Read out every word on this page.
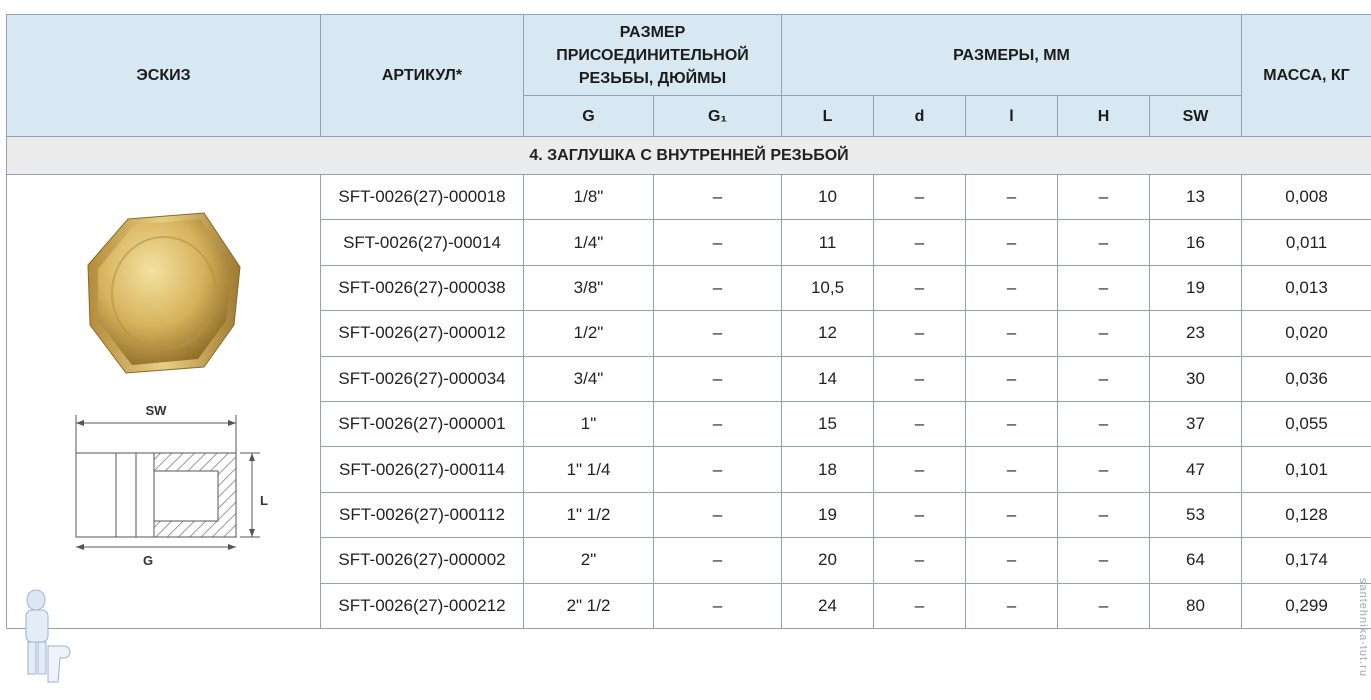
ЭСКИЗ	АРТИКУЛ*	РАЗМЕР ПРИСОЕДИНИТЕЛЬНОЙ РЕЗЬБЫ, ДЮЙМЫ		РАЗМЕРЫ, ММ					МАССА, КГ
		G	G₁	L	d	l	H	SW	
4. ЗАГЛУШКА С ВНУТРЕННЕЙ РЕЗЬБОЙ									

SW
L
G	SFT-0026(27)-000018	1/8"	–	10	–	–	–	13	0,008
	SFT-0026(27)-00014	1/4"	–	11	–	–	–	16	0,011
	SFT-0026(27)-000038	3/8"	–	10,5	–	–	–	19	0,013
	SFT-0026(27)-000012	1/2"	–	12	–	–	–	23	0,020
	SFT-0026(27)-000034	3/4"	–	14	–	–	–	30	0,036
	SFT-0026(27)-000001	1"	–	15	–	–	–	37	0,055
	SFT-0026(27)-000114	1" 1/4	–	18	–	–	–	47	0,101
	SFT-0026(27)-000112	1" 1/2	–	19	–	–	–	53	0,128
	SFT-0026(27)-000002	2"	–	20	–	–	–	64	0,174
	SFT-0026(27)-000212	2" 1/2	–	24	–	–	–	80	0,299	santehnika-tut.ru
